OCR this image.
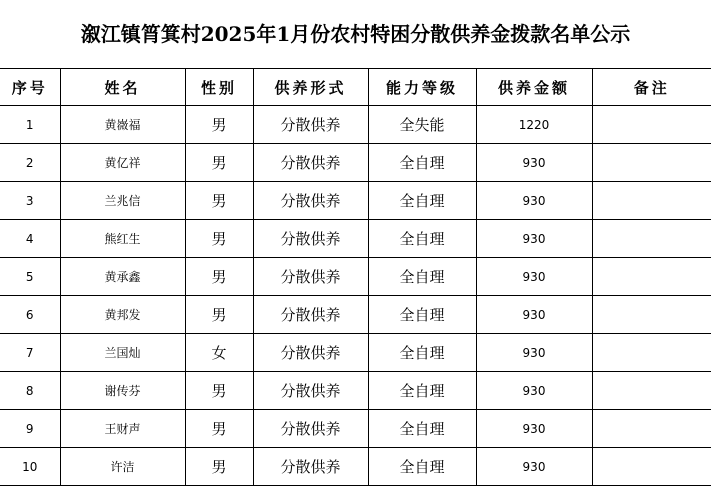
溆江镇筲箕村2025年1月份农村特困分散供养金拨款名单公示
序号	姓名	性别	供养形式	能力等级	供养金额	备注
1	黄嶶福	男	分散供养	全失能	1220	
2	黄亿祥	男	分散供养	全自理	930	
3	兰兆信	男	分散供养	全自理	930	
4	熊红生	男	分散供养	全自理	930	
5	黄承鑫	男	分散供养	全自理	930	
6	黄邦发	男	分散供养	全自理	930	
7	兰国灿	女	分散供养	全自理	930	
8	谢传芬	男	分散供养	全自理	930	
9	王财声	男	分散供养	全自理	930	
10	许洁	男	分散供养	全自理	930	
